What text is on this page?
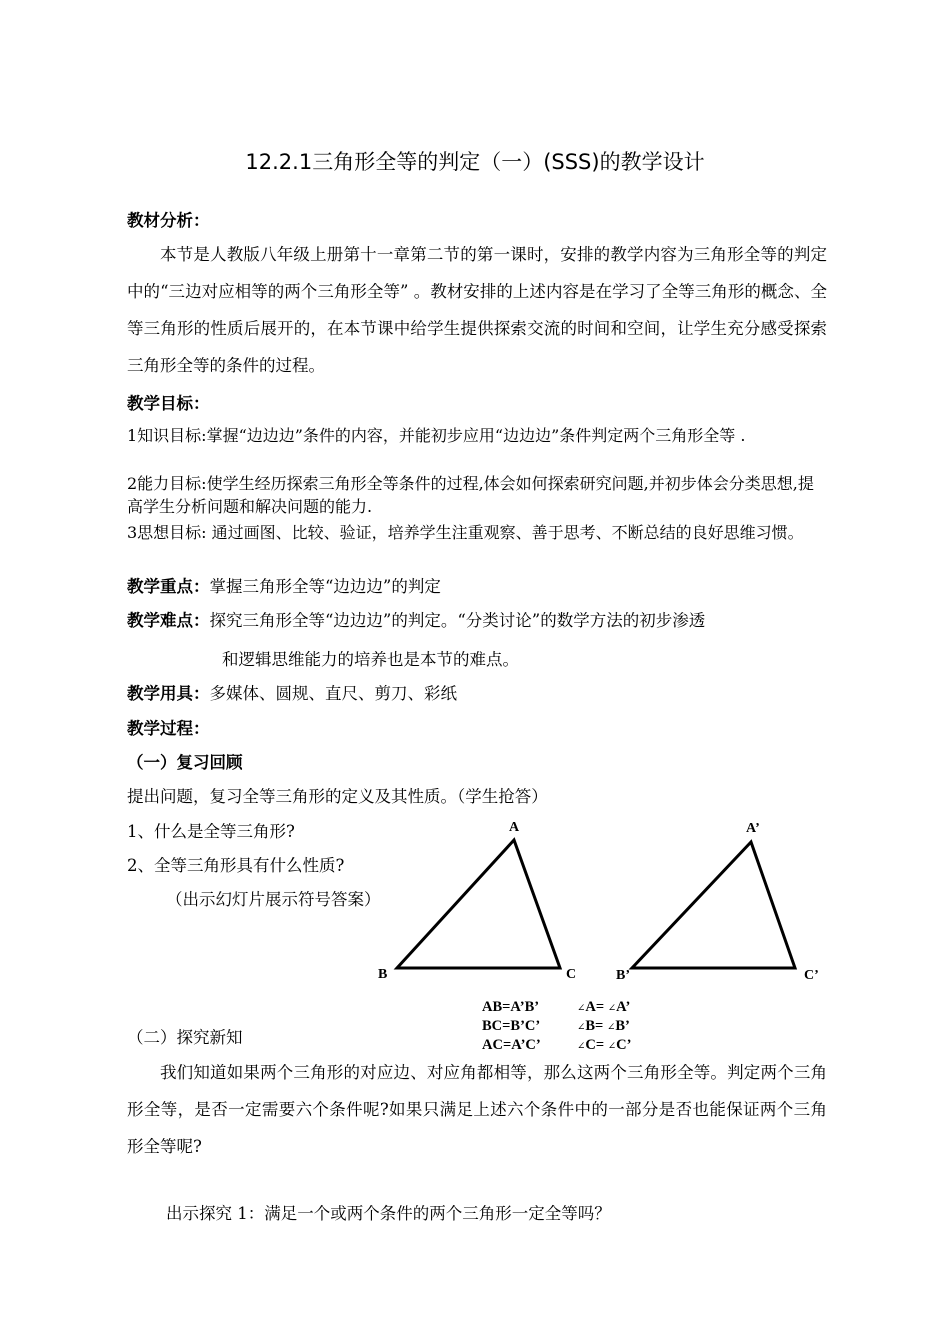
12.2.1三角形全等的判定（一）(SSS)的教学设计
教材分析：
本节是人教版八年级上册第十一章第二节的第一课时，安排的教学内容为三角形全等的判定中的“三边对应相等的两个三角形全等” 。教材安排的上述内容是在学习了全等三角形的概念、全等三角形的性质后展开的，在本节课中给学生提供探索交流的时间和空间，让学生充分感受探索三角形全等的条件的过程。
教学目标：
1知识目标:掌握“边边边”条件的内容，并能初步应用“边边边”条件判定两个三角形全等 .
2能力目标:使学生经历探索三角形全等条件的过程,体会如何探索研究问题,并初步体会分类思想,提高学生分析问题和解决问题的能力.
3思想目标: 通过画图、比较、验证，培养学生注重观察、善于思考、不断总结的良好思维习惯。
教学重点：掌握三角形全等“边边边”的判定
教学难点：探究三角形全等“边边边”的判定。“分类讨论”的数学方法的初步渗透
和逻辑思维能力的培养也是本节的难点。
教学用具：多媒体、圆规、直尺、剪刀、彩纸
教学过程：
（一）复习回顾
提出问题，复习全等三角形的定义及其性质。（学生抢答）
1、什么是全等三角形?
2、全等三角形具有什么性质?
（出示幻灯片展示符号答案）
A
B	C
A’
B’	C’
AB=A’B’
BC=B’C’
AC=A’C’
∠A= ∠A’
∠B= ∠B’
∠C= ∠C’
（二）探究新知
我们知道如果两个三角形的对应边、对应角都相等，那么这两个三角形全等。判定两个三角形全等，是否一定需要六个条件呢?如果只满足上述六个条件中的一部分是否也能保证两个三角形全等呢?
出示探究 1：满足一个或两个条件的两个三角形一定全等吗？
